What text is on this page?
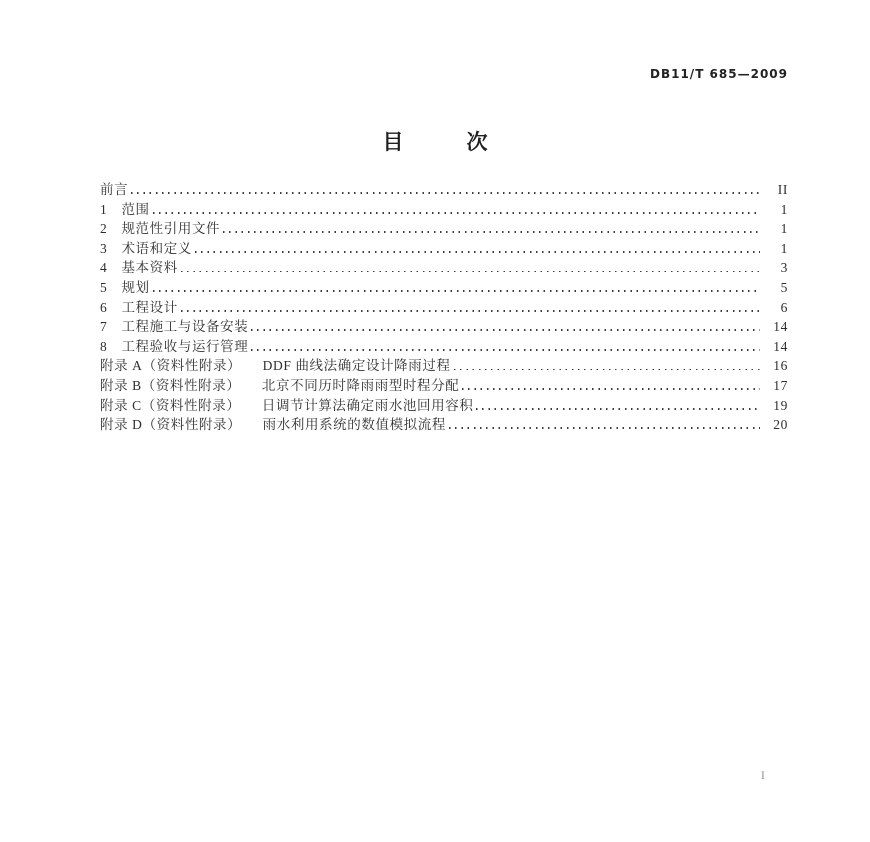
DB11/T 685—2009
目　　　次
前言	II
1　范围	1
2　规范性引用文件	1
3　术语和定义	1
4　基本资料	3
5　规划	5
6　工程设计	6
7　工程施工与设备安装	14
8　工程验收与运行管理	14
附录 A（资料性附录）　　DDF 曲线法确定设计降雨过程	16
附录 B（资料性附录）　　北京不同历时降雨雨型时程分配	17
附录 C（资料性附录）　　日调节计算法确定雨水池回用容积	19
附录 D（资料性附录）　　雨水利用系统的数值模拟流程	20
I
